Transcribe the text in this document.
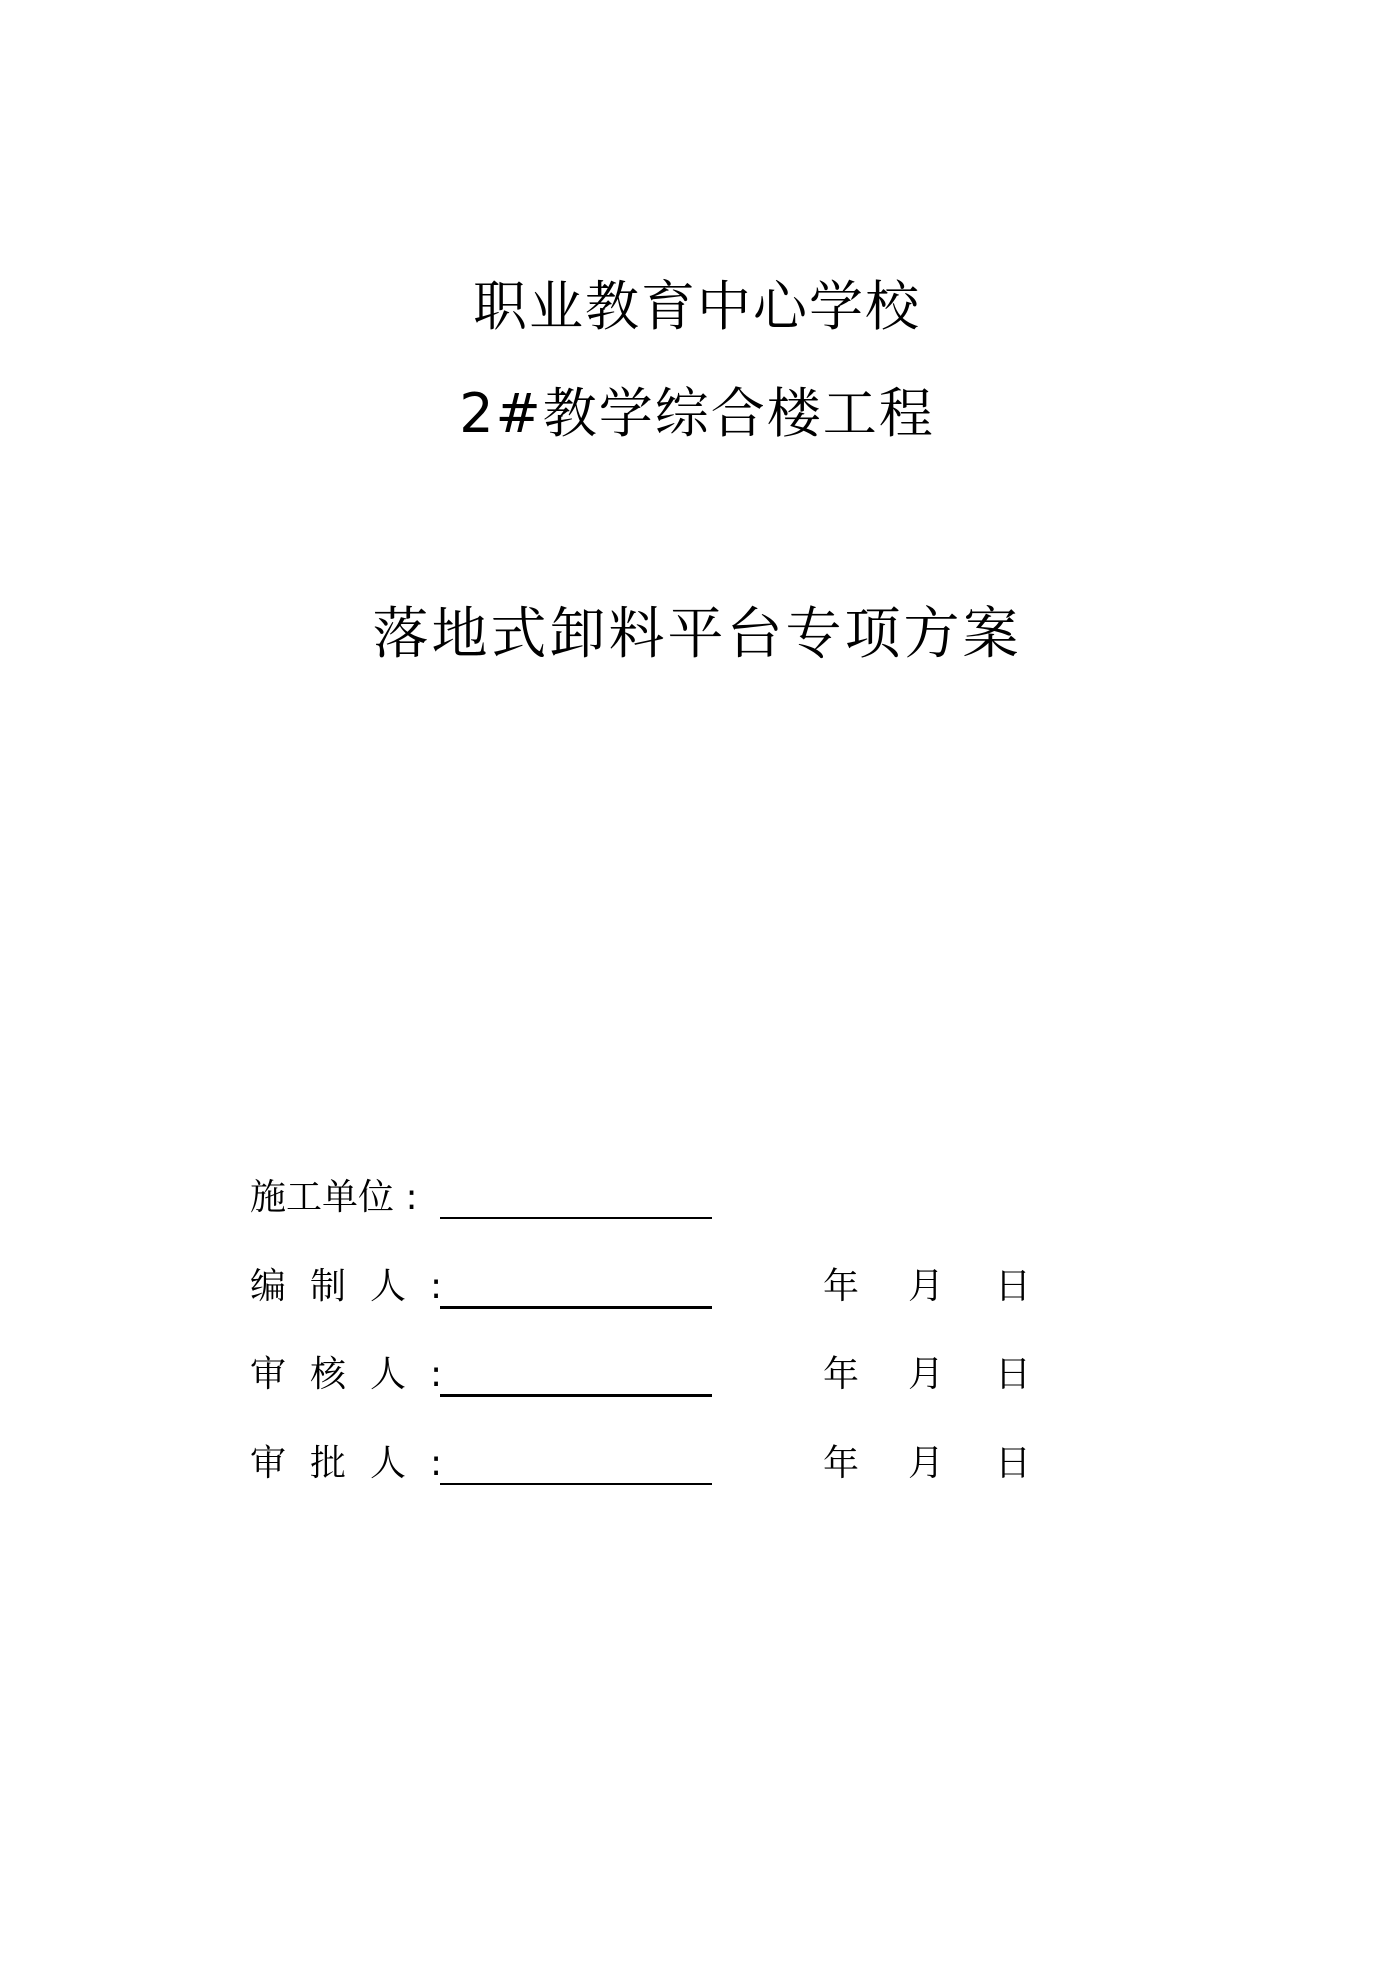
职业教育中心学校
2#教学综合楼工程
落地式卸料平台专项方案
施工单位 :
编制人:	年 月 日
审核人:	年 月 日
审批人:	年 月 日
